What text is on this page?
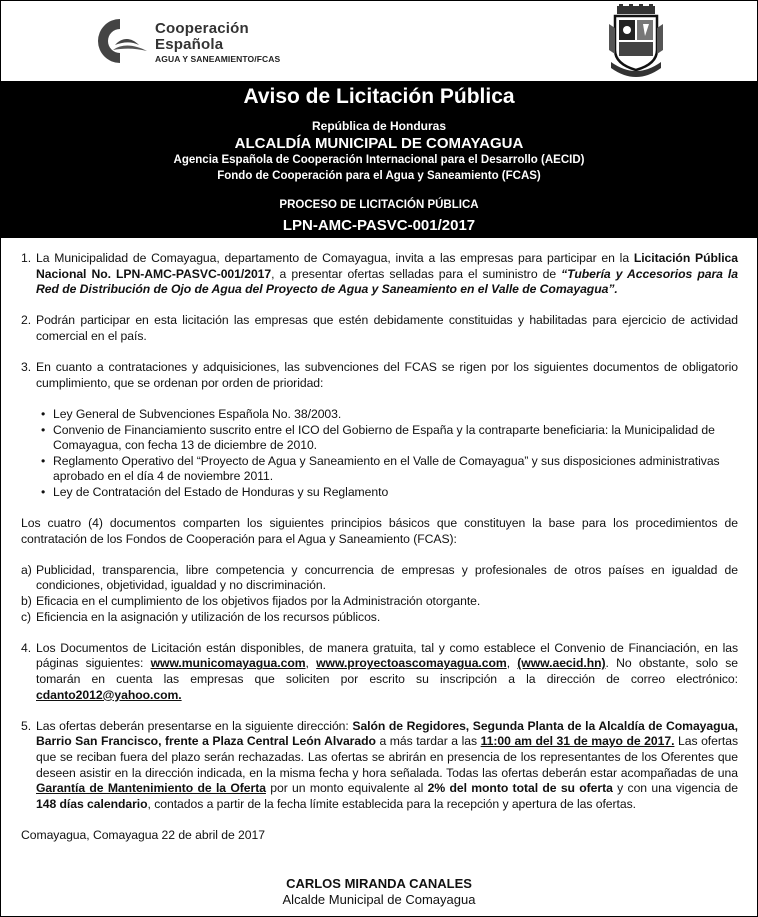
Cooperación
Española
AGUA Y SANEAMIENTO/FCAS
Aviso de Licitación Pública
República de Honduras
ALCALDÍA MUNICIPAL DE COMAYAGUA
Agencia Española de Cooperación Internacional para el Desarrollo (AECID)
Fondo de Cooperación para el Agua y Saneamiento (FCAS)
PROCESO DE LICITACIÓN PÚBLICA
LPN-AMC-PASVC-001/2017
1. La Municipalidad de Comayagua, departamento de Comayagua, invita a las empresas para participar en la Licitación Pública Nacional No. LPN-AMC-PASVC-001/2017, a presentar ofertas selladas para el suministro de “Tubería y Accesorios para la Red de Distribución de Ojo de Agua del Proyecto de Agua y Saneamiento en el Valle de Comayagua”.

2. Podrán participar en esta licitación las empresas que estén debidamente constituidas y habilitadas para ejercicio de actividad comercial en el país.

3. En cuanto a contrataciones y adquisiciones, las subvenciones del FCAS se rigen por los siguientes documentos de obligatorio cumplimiento, que se ordenan por orden de prioridad:

• Ley General de Subvenciones Española No. 38/2003.
• Convenio de Financiamiento suscrito entre el ICO del Gobierno de España y la contraparte beneficiaria: la Municipalidad de Comayagua, con fecha 13 de diciembre de 2010.
• Reglamento Operativo del “Proyecto de Agua y Saneamiento en el Valle de Comayagua” y sus disposiciones administrativas aprobado en el día 4 de noviembre 2011.
• Ley de Contratación del Estado de Honduras y su Reglamento

Los cuatro (4) documentos comparten los siguientes principios básicos que constituyen la base para los procedimientos de contratación de los Fondos de Cooperación para el Agua y Saneamiento (FCAS):

a) Publicidad, transparencia, libre competencia y concurrencia de empresas y profesionales de otros países en igualdad de condiciones, objetividad, igualdad y no discriminación.
b) Eficacia en el cumplimiento de los objetivos fijados por la Administración otorgante.
c) Eficiencia en la asignación y utilización de los recursos públicos.
4. Los Documentos de Licitación están disponibles, de manera gratuita, tal y como establece el Convenio de Financiación, en las páginas siguientes: www.municomayagua.com, www.proyectoascomayagua.com, (www.aecid.hn). No obstante, solo se tomarán en cuenta las empresas que soliciten por escrito su inscripción a la dirección de correo electrónico: cdanto2012@yahoo.com.

5. Las ofertas deberán presentarse en la siguiente dirección: Salón de Regidores, Segunda Planta de la Alcaldía de Comayagua, Barrio San Francisco, frente a Plaza Central León Alvarado a más tardar a las 11:00 am del 31 de mayo de 2017. Las ofertas que se reciban fuera del plazo serán rechazadas. Las ofertas se abrirán en presencia de los representantes de los Oferentes que deseen asistir en la dirección indicada, en la misma fecha y hora señalada. Todas las ofertas deberán estar acompañadas de una Garantía de Mantenimiento de la Oferta por un monto equivalente al 2% del monto total de su oferta y con una vigencia de 148 días calendario, contados a partir de la fecha límite establecida para la recepción y apertura de las ofertas.

Comayagua, Comayagua 22 de abril de 2017

CARLOS MIRANDA CANALES
Alcalde Municipal de Comayagua
